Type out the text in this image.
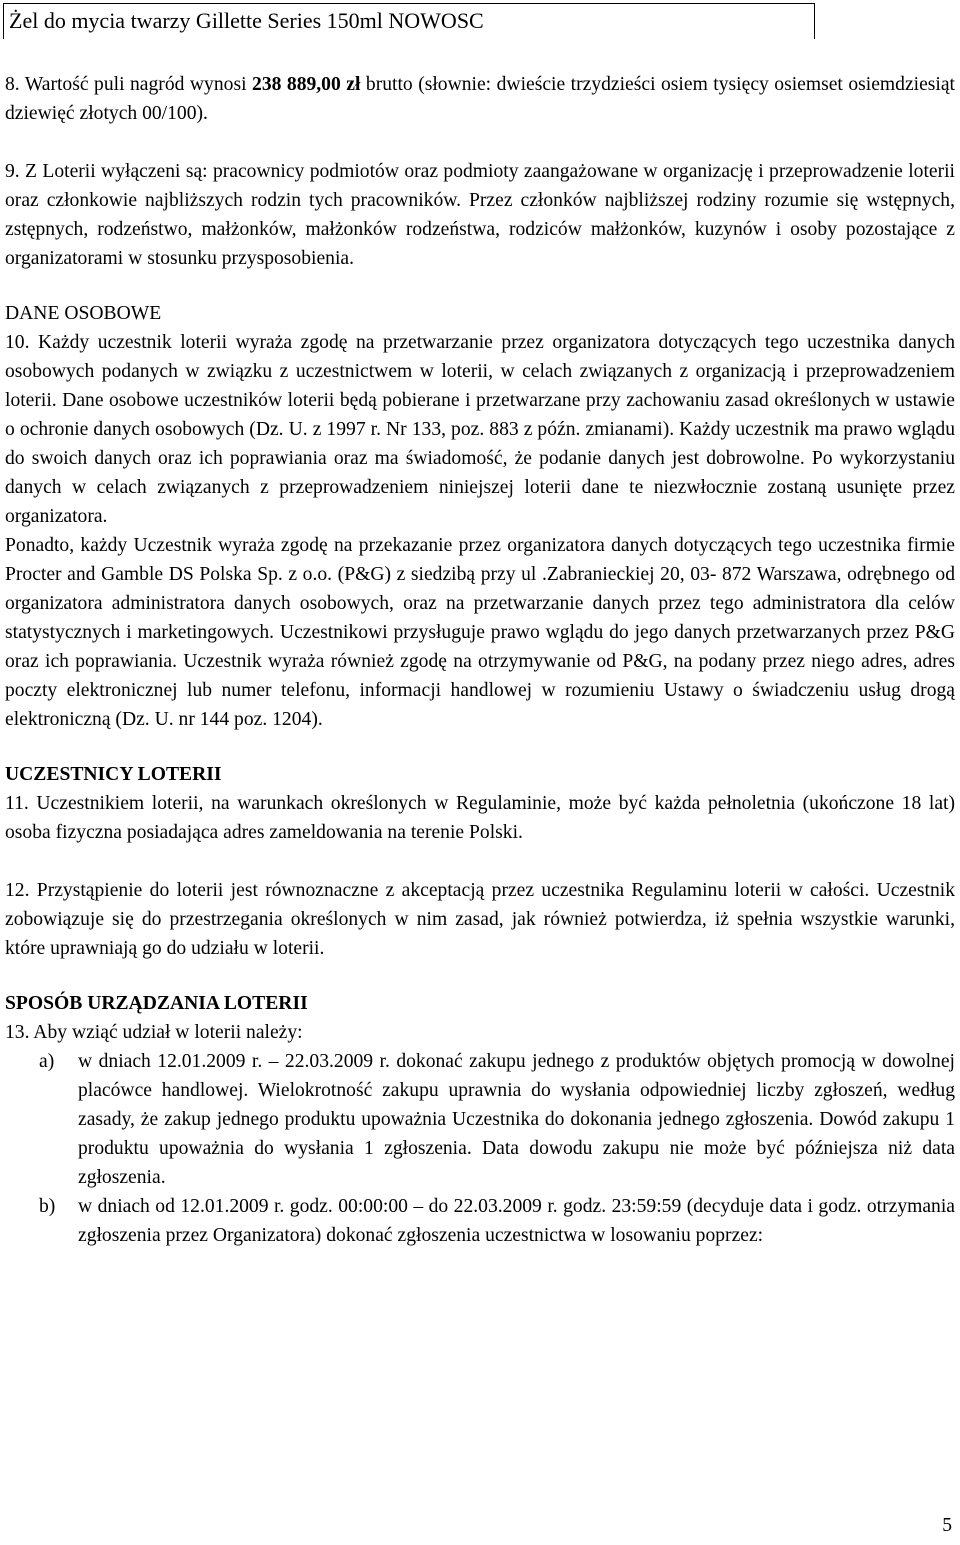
Żel do mycia twarzy Gillette Series 150ml NOWOSC

8. Wartość puli nagród wynosi 238 889,00 zł brutto (słownie: dwieście trzydzieści osiem tysięcy osiemset osiemdziesiąt dziewięć złotych 00/100).

9. Z Loterii wyłączeni są: pracownicy podmiotów oraz podmioty zaangażowane w organizację i przeprowadzenie loterii oraz członkowie najbliższych rodzin tych pracowników. Przez członków najbliższej rodziny rozumie się wstępnych, zstępnych, rodzeństwo, małżonków, małżonków rodzeństwa, rodziców małżonków, kuzynów i osoby pozostające z organizatorami w stosunku przysposobienia.

DANE OSOBOWE

10. Każdy uczestnik loterii wyraża zgodę na przetwarzanie przez organizatora dotyczących tego uczestnika danych osobowych podanych w związku z uczestnictwem w loterii, w celach związanych z organizacją i przeprowadzeniem loterii. Dane osobowe uczestników loterii będą pobierane i przetwarzane przy zachowaniu zasad określonych w ustawie o ochronie danych osobowych (Dz. U. z 1997 r. Nr 133, poz. 883 z późn. zmianami). Każdy uczestnik ma prawo wglądu do swoich danych oraz ich poprawiania oraz ma świadomość, że podanie danych jest dobrowolne. Po wykorzystaniu danych w celach związanych z przeprowadzeniem niniejszej loterii dane te niezwłocznie zostaną usunięte przez organizatora.

Ponadto, każdy Uczestnik wyraża zgodę na przekazanie przez organizatora danych dotyczących tego uczestnika firmie Procter and Gamble DS Polska Sp. z o.o. (P&G) z siedzibą przy ul .Zabranieckiej 20, 03- 872 Warszawa, odrębnego od organizatora administratora danych osobowych, oraz na przetwarzanie danych przez tego administratora dla celów statystycznych i marketingowych. Uczestnikowi przysługuje prawo wglądu do jego danych przetwarzanych przez P&G oraz ich poprawiania. Uczestnik wyraża również zgodę na otrzymywanie od P&G, na podany przez niego adres, adres poczty elektronicznej lub numer telefonu, informacji handlowej w rozumieniu Ustawy o świadczeniu usług drogą elektroniczną (Dz. U. nr 144 poz. 1204).

UCZESTNICY LOTERII

11. Uczestnikiem loterii, na warunkach określonych w Regulaminie, może być każda pełnoletnia (ukończone 18 lat) osoba fizyczna posiadająca adres zameldowania na terenie Polski.

12. Przystąpienie do loterii jest równoznaczne z akceptacją przez uczestnika Regulaminu loterii w całości. Uczestnik zobowiązuje się do przestrzegania określonych w nim zasad, jak również potwierdza, iż spełnia wszystkie warunki, które uprawniają go do udziału w loterii.

SPOSÓB URZĄDZANIA LOTERII

13. Aby wziąć udział w loterii należy:

a) w dniach 12.01.2009 r. – 22.03.2009 r. dokonać zakupu jednego z produktów objętych promocją w dowolnej placówce handlowej. Wielokrotność zakupu uprawnia do wysłania odpowiedniej liczby zgłoszeń, według zasady, że zakup jednego produktu upoważnia Uczestnika do dokonania jednego zgłoszenia. Dowód zakupu 1 produktu upoważnia do wysłania 1 zgłoszenia. Data dowodu zakupu nie może być późniejsza niż data zgłoszenia.

b) w dniach od 12.01.2009 r. godz. 00:00:00 – do 22.03.2009 r. godz. 23:59:59 (decyduje data i godz. otrzymania zgłoszenia przez Organizatora) dokonać zgłoszenia uczestnictwa w losowaniu poprzez:

5
